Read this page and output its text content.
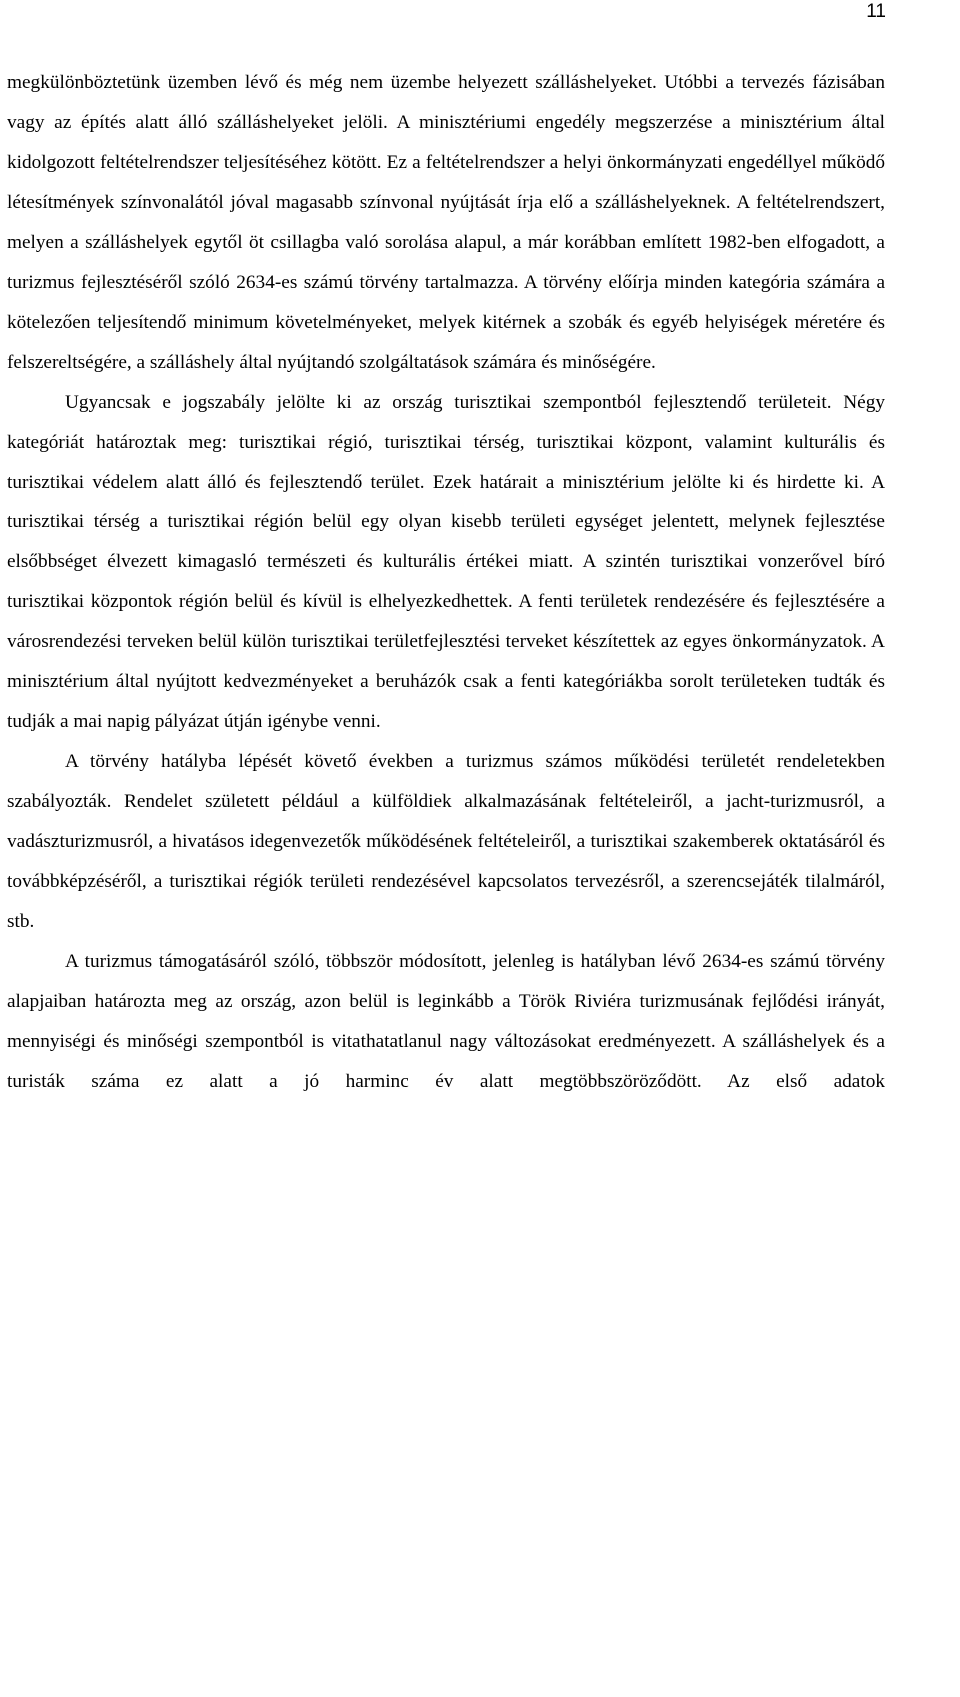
11

megkülönböztetünk üzemben lévő és még nem üzembe helyezett szálláshelyeket. Utóbbi a tervezés fázisában vagy az építés alatt álló szálláshelyeket jelöli. A minisztériumi engedély megszerzése a minisztérium által kidolgozott feltételrendszer teljesítéséhez kötött. Ez a feltételrendszer a helyi önkormányzati engedéllyel működő létesítmények színvonalától jóval magasabb színvonal nyújtását írja elő a szálláshelyeknek. A feltételrendszert, melyen a szálláshelyek egytől öt csillagba való sorolása alapul, a már korábban említett 1982-ben elfogadott, a turizmus fejlesztéséről szóló 2634-es számú törvény tartalmazza. A törvény előírja minden kategória számára a kötelezően teljesítendő minimum követelményeket, melyek kitérnek a szobák és egyéb helyiségek méretére és felszereltségére, a szálláshely által nyújtandó szolgáltatások számára és minőségére.

Ugyancsak e jogszabály jelölte ki az ország turisztikai szempontból fejlesztendő területeit. Négy kategóriát határoztak meg: turisztikai régió, turisztikai térség, turisztikai központ, valamint kulturális és turisztikai védelem alatt álló és fejlesztendő terület. Ezek határait a minisztérium jelölte ki és hirdette ki. A turisztikai térség a turisztikai régión belül egy olyan kisebb területi egységet jelentett, melynek fejlesztése elsőbbséget élvezett kimagasló természeti és kulturális értékei miatt. A szintén turisztikai vonzerővel bíró turisztikai központok régión belül és kívül is elhelyezkedhettek. A fenti területek rendezésére és fejlesztésére a városrendezési terveken belül külön turisztikai területfejlesztési terveket készítettek az egyes önkormányzatok. A minisztérium által nyújtott kedvezményeket a beruházók csak a fenti kategóriákba sorolt területeken tudták és tudják a mai napig pályázat útján igénybe venni.

A törvény hatályba lépését követő években a turizmus számos működési területét rendeletekben szabályozták. Rendelet született például a külföldiek alkalmazásának feltételeiről, a jacht-turizmusról, a vadászturizmusról, a hivatásos idegenvezetők működésének feltételeiről, a turisztikai szakemberek oktatásáról és továbbképzéséről, a turisztikai régiók területi rendezésével kapcsolatos tervezésről, a szerencsejáték tilalmáról, stb.

A turizmus támogatásáról szóló, többször módosított, jelenleg is hatályban lévő 2634-es számú törvény alapjaiban határozta meg az ország, azon belül is leginkább a Török Riviéra turizmusának fejlődési irányát, mennyiségi és minőségi szempontból is vitathatatlanul nagy változásokat eredményezett. A szálláshelyek és a turisták száma ez alatt a jó harminc év alatt megtöbbszöröződött. Az első adatok
